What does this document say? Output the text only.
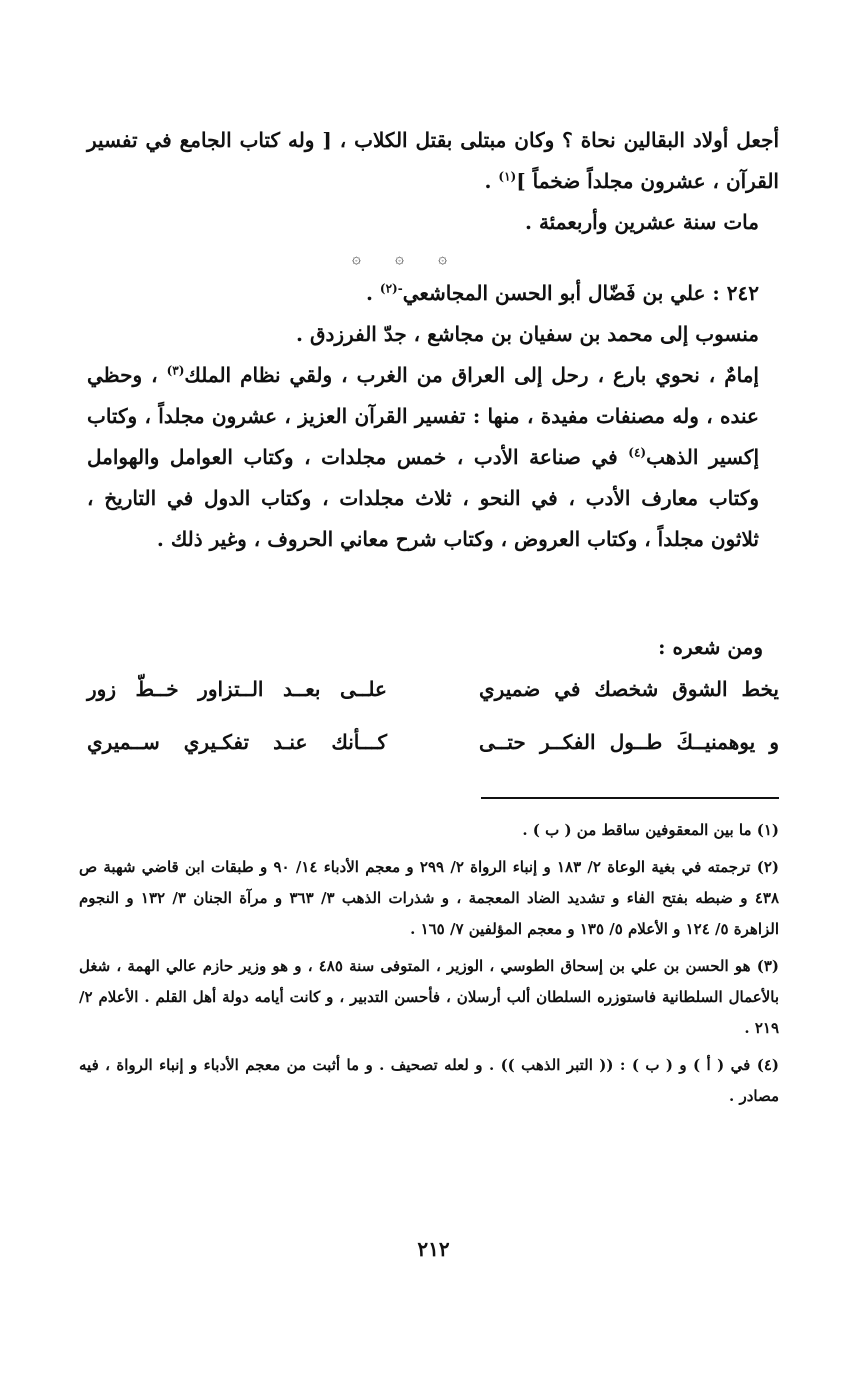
أجعل أولاد البقالين نحاة ؟ وكان مبتلى بقتل الكلاب ، [ وله كتاب الجامع في تفسير القرآن ، عشرون مجلداً ضخماً ]$^{(١)}$ .

مات سنة عشرين وأربعمئة .

٢٤٢ : علي بن فَضّال أبو الحسن المجاشعي$^{-(٢)}$ .

منسوب إلى محمد بن سفيان بن مجاشع ، جدّ الفرزدق .

إمامٌ ، نحوي بارع ، رحل إلى العراق من الغرب ، ولقي نظام الملك$^{(٣)}$ ، وحظي عنده ، وله مصنفات مفيدة ، منها : تفسير القرآن العزيز ، عشرون مجلداً ، وكتاب إكسير الذهب$^{(٤)}$ في صناعة الأدب ، خمس مجلدات ، وكتاب العوامل والهوامل وكتاب معارف الأدب ، في النحو ، ثلاث مجلدات ، وكتاب الدول في التاريخ ، ثلاثون مجلداً ، وكتاب العروض ، وكتاب شرح معاني الحروف ، وغير ذلك .

۞
۞
۞
ومن شعره :
يخط الشوق شخصك في ضميري
علــى بعــد الــتزاور خــطّ زور
و يوهمنيــكَ طــول الفكــر حتــى
كـــأنك عنـد تفكـيري ســميري

(١) ما بين المعقوفين ساقط من ( ب ) .

(٢) ترجمته في بغية الوعاة ٢/ ١٨٣ و إنباء الرواة ٢/ ٢٩٩ و معجم الأدباء ١٤/ ٩٠ و طبقات ابن قاضي شهبة ص ٤٣٨ و ضبطه بفتح الفاء و تشديد الضاد المعجمة ، و شذرات الذهب ٣/ ٣٦٣ و مرآة الجنان ٣/ ١٣٢ و النجوم الزاهرة ٥/ ١٢٤ و الأعلام ٥/ ١٣٥ و معجم المؤلفين ٧/ ١٦٥ .

(٣) هو الحسن بن علي بن إسحاق الطوسي ، الوزير ، المتوفى سنة ٤٨٥ ، و هو وزير حازم عالي الهمة ، شغل بالأعمال السلطانية فاستوزره السلطان ألب أرسلان ، فأحسن التدبير ، و كانت أيامه دولة أهل القلم . الأعلام ٢/ ٢١٩ .

(٤) في ( أ ) و ( ب ) : (( التبر الذهب )) . و لعله تصحيف . و ما أثبت من معجم الأدباء و إنباء الرواة ، فيه مصادر .

٢١٢
